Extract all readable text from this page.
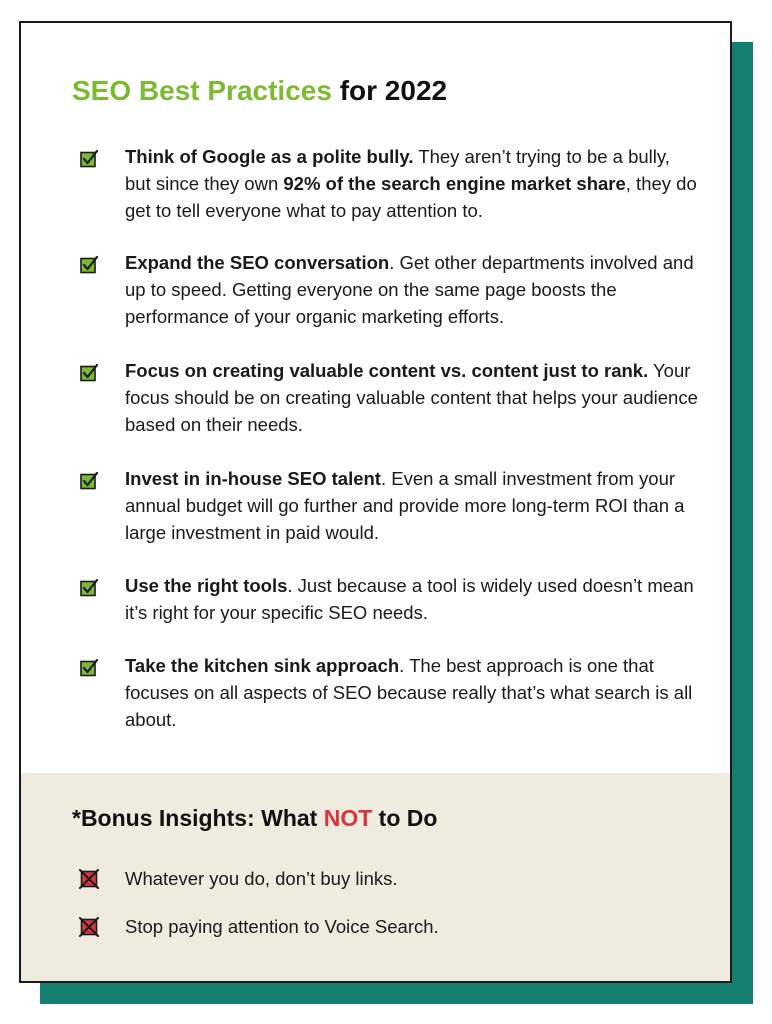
SEO Best Practices for 2022
Think of Google as a polite bully. They aren’t trying to be a bully, but since they own 92% of the search engine market share, they do get to tell everyone what to pay attention to.
Expand the SEO conversation. Get other departments involved and up to speed. Getting everyone on the same page boosts the performance of your organic marketing efforts.
Focus on creating valuable content vs. content just to rank. Your focus should be on creating valuable content that helps your audience based on their needs.
Invest in in-house SEO talent. Even a small investment from your annual budget will go further and provide more long-term ROI than a large investment in paid would.
Use the right tools. Just because a tool is widely used doesn’t mean it’s right for your specific SEO needs.
Take the kitchen sink approach. The best approach is one that focuses on all aspects of SEO because really that’s what search is all about.
*Bonus Insights: What NOT to Do
Whatever you do, don’t buy links.
Stop paying attention to Voice Search.
